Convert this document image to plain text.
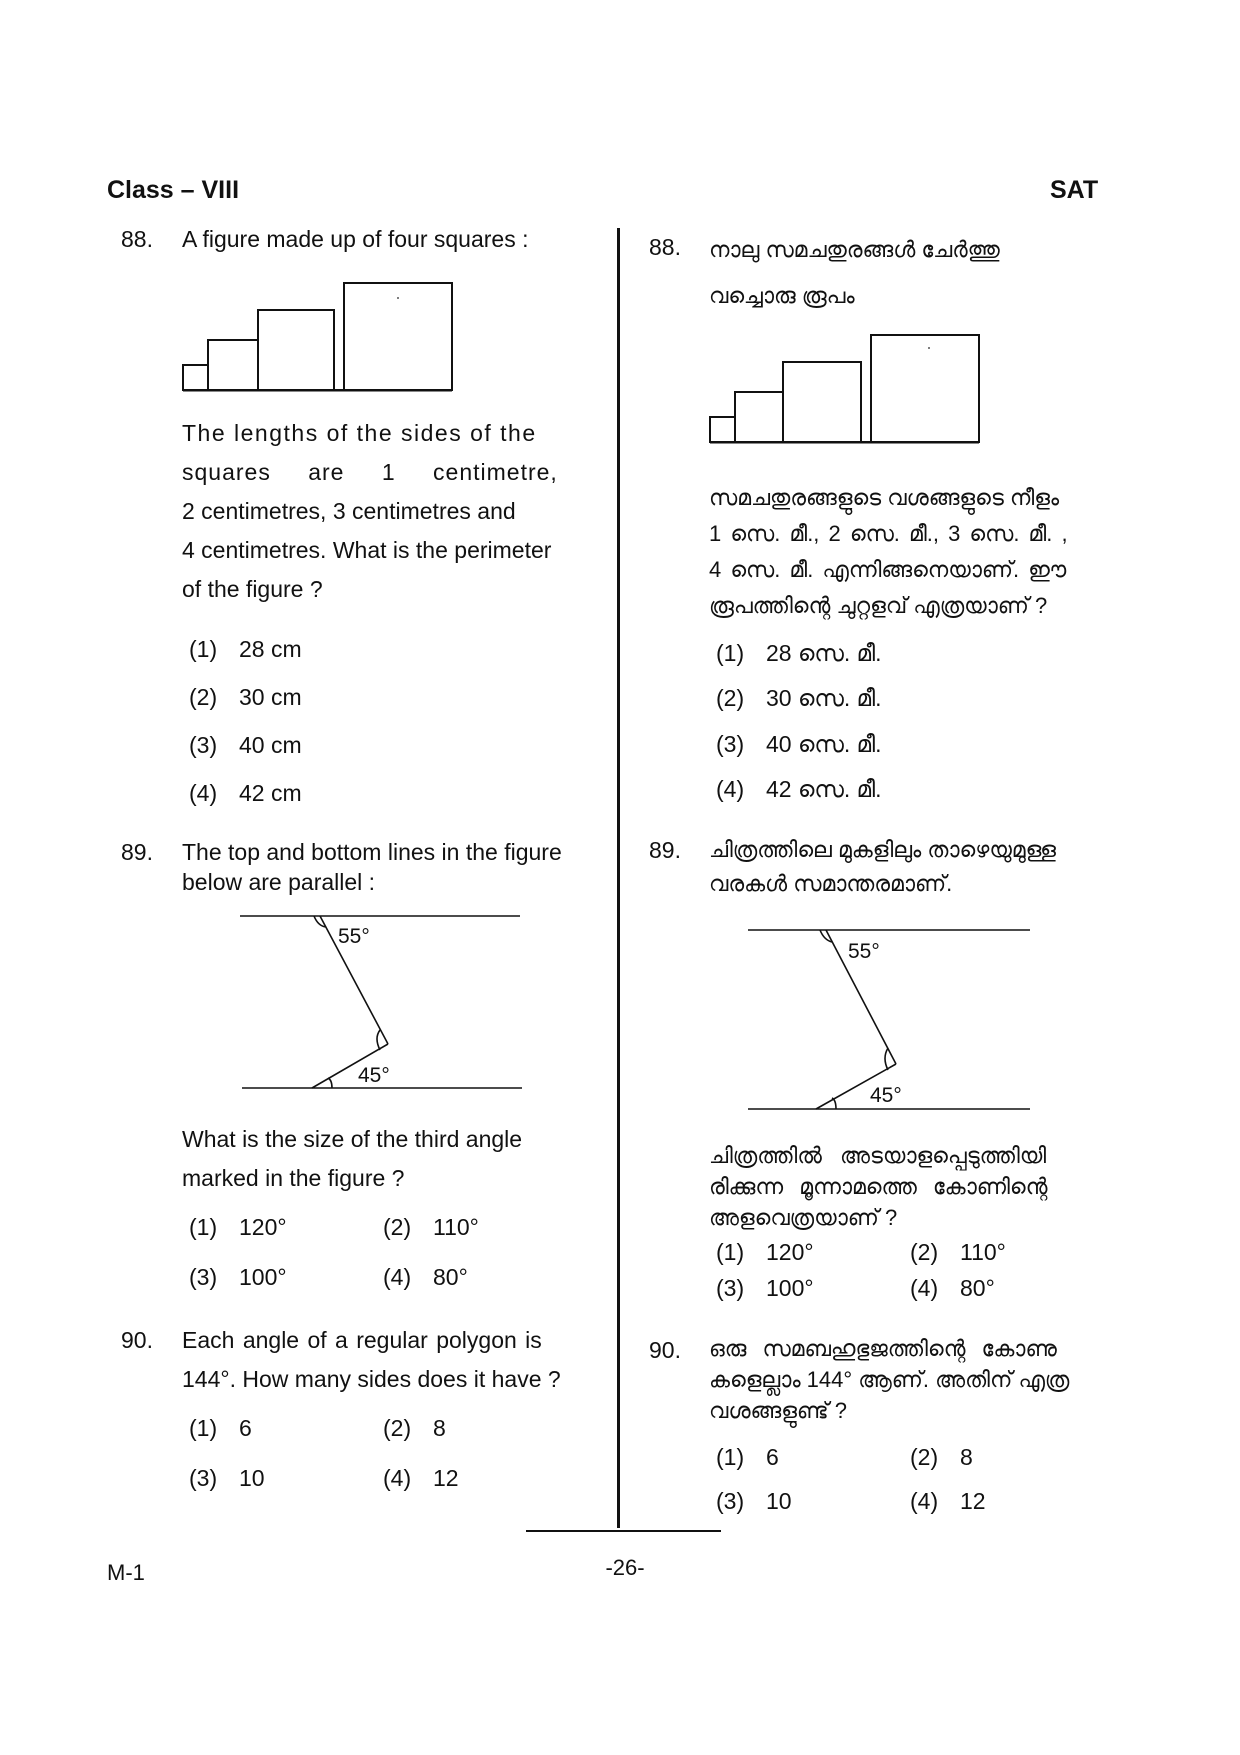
Class – VIII	SAT
88. A figure made up of four squares :
The lengths of the sides of the
squares are 1 centimetre,
2 centimetres, 3 centimetres and
4 centimetres. What is the perimeter
of the figure ?
(1) 28 cm
(2) 30 cm
(3) 40 cm
(4) 42 cm
89. The top and bottom lines in the figure
below are parallel :
55°
45°
What is the size of the third angle
marked in the figure ?
(1) 120°	(2) 110°
(3) 100°	(4) 80°
90. Each angle of a regular polygon is
144°. How many sides does it have ?
(1) 6	(2) 8
(3) 10	(4) 12
88. നാലു സമചതുരങ്ങൾ ചേർത്തു
വച്ചൊരു രൂപം
സമചതുരങ്ങളുടെ വശങ്ങളുടെ നീളം
1 സെ. മീ., 2 സെ. മീ., 3 സെ. മീ. ,
4 സെ. മീ. എന്നിങ്ങനെയാണ്. ഈ
രൂപത്തിന്റെ ചുറ്റളവ് എത്രയാണ് ?
(1) 28 സെ. മീ.
(2) 30 സെ. മീ.
(3) 40 സെ. മീ.
(4) 42 സെ. മീ.
89. ചിത്രത്തിലെ മുകളിലും താഴെയുമുള്ള
വരകൾ സമാന്തരമാണ്.
55°
45°
ചിത്രത്തിൽ അടയാളപ്പെടുത്തിയി
രിക്കുന്ന മൂന്നാമത്തെ കോണിന്റെ
അളവെത്രയാണ് ?
(1) 120°	(2) 110°
(3) 100°	(4) 80°
90. ഒരു സമബഹുഭുജത്തിന്റെ കോണു
കളെല്ലാം 144° ആണ്. അതിന് എത്ര
വശങ്ങളുണ്ട് ?
(1) 6	(2) 8
(3) 10	(4) 12
M-1	-26-
